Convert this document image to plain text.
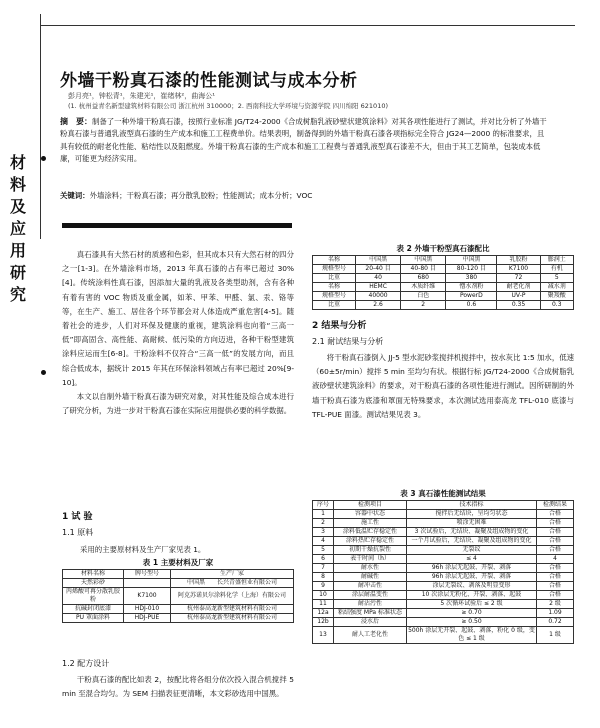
材料及应用研究
外墙干粉真石漆的性能测试与成本分析
彭月亮¹，钟松青¹，朱建光¹，崔绪林²，曲海公¹
(1. 杭州益青名新型建筑材料有限公司 浙江杭州 310000；2. 西南科技大学环境与资源学院 四川绵阳 621010)
摘　要：制备了一种外墙干粉真石漆，按照行业标准 JG/T24-2000《合成树脂乳液砂壁状建筑涂料》对其各项性能进行了测试，并对比分析了外墙干粉真石漆与普通乳液型真石漆的生产成本和施工工程费单价。结果表明，制备得到的外墙干粉真石漆各项指标完全符合 JG24—2000 的标准要求，且具有较低的耐老化性能、粘结性以及阻燃度。外墙干粉真石漆的生产成本和施工工程费与普通乳液型真石漆差不大，但由于其工艺简单，包装成本低廉，可能更为经济实用。
关键词：外墙涂料；干粉真石漆；再分散乳胶粉；性能测试；成本分析；VOC
真石漆具有大然石材的质感和色彩，但其成本只有大然石材的四分之一[1-3]。在外墙涂料市场，2013 年真石漆的占有率已超过 30%[4]。传统涂料性真石漆，因添加大量的乳液及各类型助剂，含有各种有着有害的 VOC 物质及重金属，如苯、甲苯、甲醛、氯、汞、铬等等，在生产、施工、居住各个环节都会对人体造成严重危害[4-5]。随着社会的进步，人们对环保及健康的重视，建筑涂料也向着“三高一低”即高固含、高性能、高耐候、低污染的方向迈进，各种干粉型建筑涂料应运而生[6-8]。干粉涂料不仅符合“三高一低”的发展方向，而且综合低成本，据统计 2015 年其在环保涂料领域占有率已超过 20%[9-10]。
本文以自制外墙干粉真石漆为研究对象，对其性能及综合成本进行了研究分析，为进一步对干粉真石漆在实际应用提供必要的科学数据。
1 试 验
1.1 原料
采用的主要原材料及生产厂家见表 1。
表 1 主要材料及厂家
材料名称	牌号型号	生产厂家
天然彩砂		中国黑　　长兴青盛恒业有限公司
丙烯酸可再分散乳胶粉	K7100	阿克苏诺贝尔涂料化学（上海）有限公司
抗碱封闭底漆	HDJ-010	杭州泰高龙新型建筑材料有限公司
PU 罩面涂料	HDJ-PUE	杭州泰高龙新型建筑材料有限公司
1.2 配方设计
干粉真石漆的配比如表 2，按配比将各组分依次投入混合机搅拌 5 min 至混合均匀。为 SEM 扫描表征更清晰，本文彩砂选用中国黑。
表 2 外墙干粉型真石漆配比
名称	中国黑	中国黑	中国黑	乳胶粉	膨润土
规格型号	20-40 目	40-80 目	80-120 目	K7100	有机
比重	40	680	380	72	5
名称	HEMC	木质纤维	憎水剂粉	耐老化剂	减水剂
规格型号	40000	白色	PowerD	UV-P	聚羧酸
比重	2.6	2	0.6	0.35	0.3
2 结果与分析
2.1 耐试结果与分析
将干粉真石漆倒入 JJ-5 型水泥砂浆搅拌机搅拌中，按水灰比 1:5 加水，低速（60±5r/min）搅拌 5 min 至均匀有状。根据行标 JG/T24-2000《合成树脂乳液砂壁状建筑涂料》的要求，对干粉真石漆的各项性能进行测试。因所研制的外墙干粉真石漆为底漆和罩面无特殊要求，本次测试选用泰高龙 TFL-010 底漆与 TFL-PUE 面漆。测试结果见表 3。
表 3 真石漆性能测试结果
序号	检测项目	技术指标	检测结果
1	容器中状态	搅拌后无结块，呈均匀状态	合格
2	施工性	喷涂无困难	合格
3	涂料低温贮存稳定性	3 次试验后，无结块、凝聚及组成物的变化	合格
4	涂料热贮存稳定性	一个月试验后，无结块、凝聚及组成物的变化	合格
5	初期干燥抗裂性	无裂纹	合格
6	表干时间（h）	≤ 4	4
7	耐水性	96h 涂层无起鼓、开裂、剥落	合格
8	耐碱性	96h 涂层无起鼓、开裂、剥落	合格
9	耐冲击性	涂层无裂纹、剥落及明显变形	合格
10	涂层耐温变性	10 次涂层无粉化、开裂、剥落、起鼓	合格
11	耐沾污性	5 次循环试验后 ≤ 2 级	2 级
12a	粘结强度 MPa 标准状态	≥ 0.70	1.09
12b	浸水后	≥ 0.50	0.72
13	耐人工老化性	500h 涂层无开裂、起鼓、剥落，粉化 0 级，变色 ≤ 1 级	1 级
